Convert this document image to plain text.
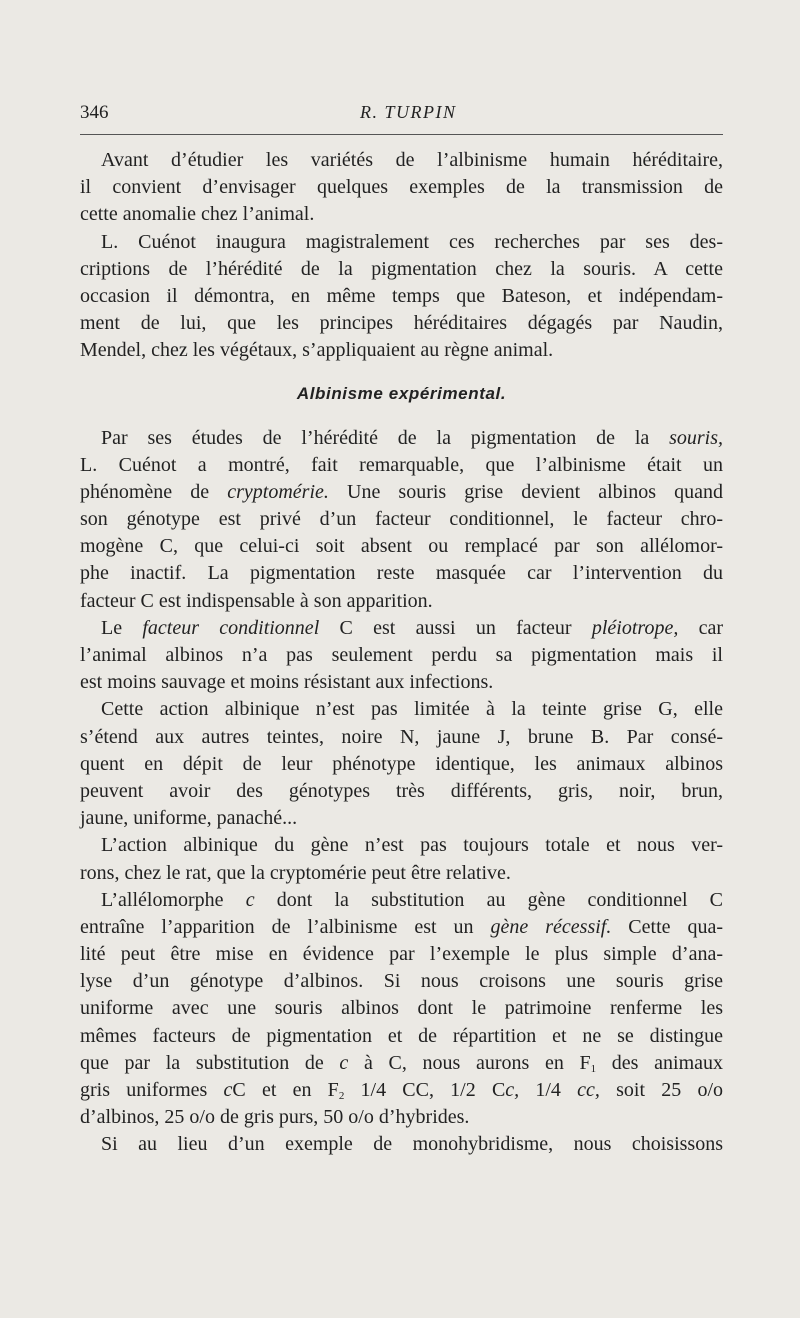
346	R. TURPIN
Avant d’étudier les variétés de l’albinisme humain héréditaire,
il convient d’envisager quelques exemples de la transmission de
cette anomalie chez l’animal.
L. Cuénot inaugura magistralement ces recherches par ses des-
criptions de l’hérédité de la pigmentation chez la souris. A cette
occasion il démontra, en même temps que Bateson, et indépendam-
ment de lui, que les principes héréditaires dégagés par Naudin,
Mendel, chez les végétaux, s’appliquaient au règne animal.
Albinisme expérimental.
Par ses études de l’hérédité de la pigmentation de la souris,
L. Cuénot a montré, fait remarquable, que l’albinisme était un
phénomène de cryptomérie. Une souris grise devient albinos quand
son génotype est privé d’un facteur conditionnel, le facteur chro-
mogène C, que celui-ci soit absent ou remplacé par son allélomor-
phe inactif. La pigmentation reste masquée car l’intervention du
facteur C est indispensable à son apparition.
Le facteur conditionnel C est aussi un facteur pléiotrope, car
l’animal albinos n’a pas seulement perdu sa pigmentation mais il
est moins sauvage et moins résistant aux infections.
Cette action albinique n’est pas limitée à la teinte grise G, elle
s’étend aux autres teintes, noire N, jaune J, brune B. Par consé-
quent en dépit de leur phénotype identique, les animaux albinos
peuvent avoir des génotypes très différents, gris, noir, brun,
jaune, uniforme, panaché...
L’action albinique du gène n’est pas toujours totale et nous ver-
rons, chez le rat, que la cryptomérie peut être relative.
L’allélomorphe c dont la substitution au gène conditionnel C
entraîne l’apparition de l’albinisme est un gène récessif. Cette qua-
lité peut être mise en évidence par l’exemple le plus simple d’ana-
lyse d’un génotype d’albinos. Si nous croisons une souris grise
uniforme avec une souris albinos dont le patrimoine renferme les
mêmes facteurs de pigmentation et de répartition et ne se distingue
que par la substitution de c à C, nous aurons en $F_1$ des animaux
gris uniformes cC et en $F_2$ 1/4 CC, 1/2 Cc, 1/4 cc, soit 25 o/o
d’albinos, 25 o/o de gris purs, 50 o/o d’hybrides.
Si au lieu d’un exemple de monohybridisme, nous choisissons
